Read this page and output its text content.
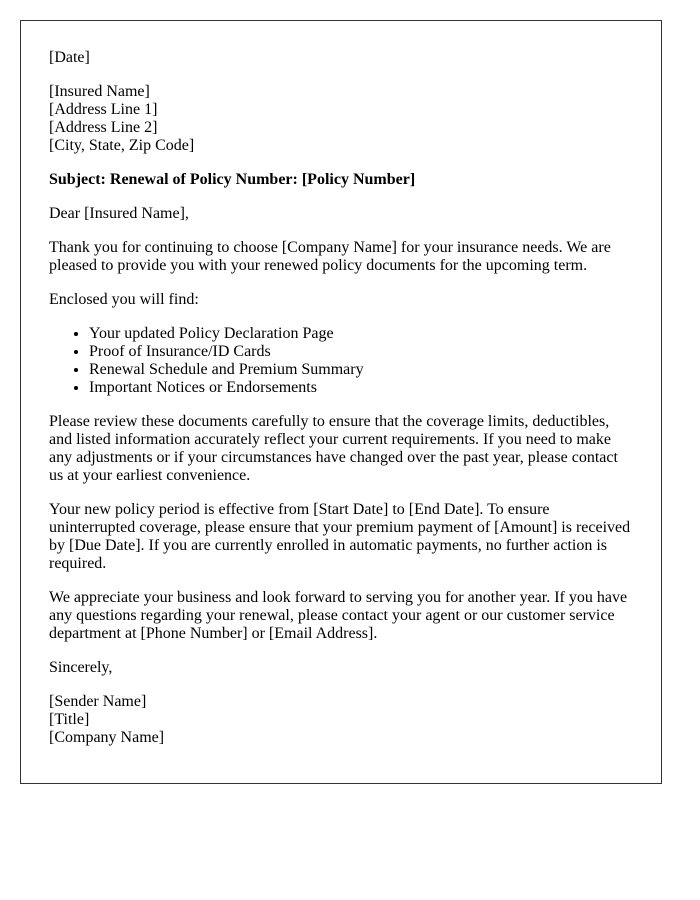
[Date]

[Insured Name]
[Address Line 1]
[Address Line 2]
[City, State, Zip Code]

Subject: Renewal of Policy Number: [Policy Number]

Dear [Insured Name],

Thank you for continuing to choose [Company Name] for your insurance needs. We are pleased to provide you with your renewed policy documents for the upcoming term.

Enclosed you will find:

• Your updated Policy Declaration Page
• Proof of Insurance/ID Cards
• Renewal Schedule and Premium Summary
• Important Notices or Endorsements

Please review these documents carefully to ensure that the coverage limits, deductibles, and listed information accurately reflect your current requirements. If you need to make any adjustments or if your circumstances have changed over the past year, please contact us at your earliest convenience.

Your new policy period is effective from [Start Date] to [End Date]. To ensure uninterrupted coverage, please ensure that your premium payment of [Amount] is received by [Due Date]. If you are currently enrolled in automatic payments, no further action is required.

We appreciate your business and look forward to serving you for another year. If you have any questions regarding your renewal, please contact your agent or our customer service department at [Phone Number] or [Email Address].

Sincerely,

[Sender Name]
[Title]
[Company Name]
